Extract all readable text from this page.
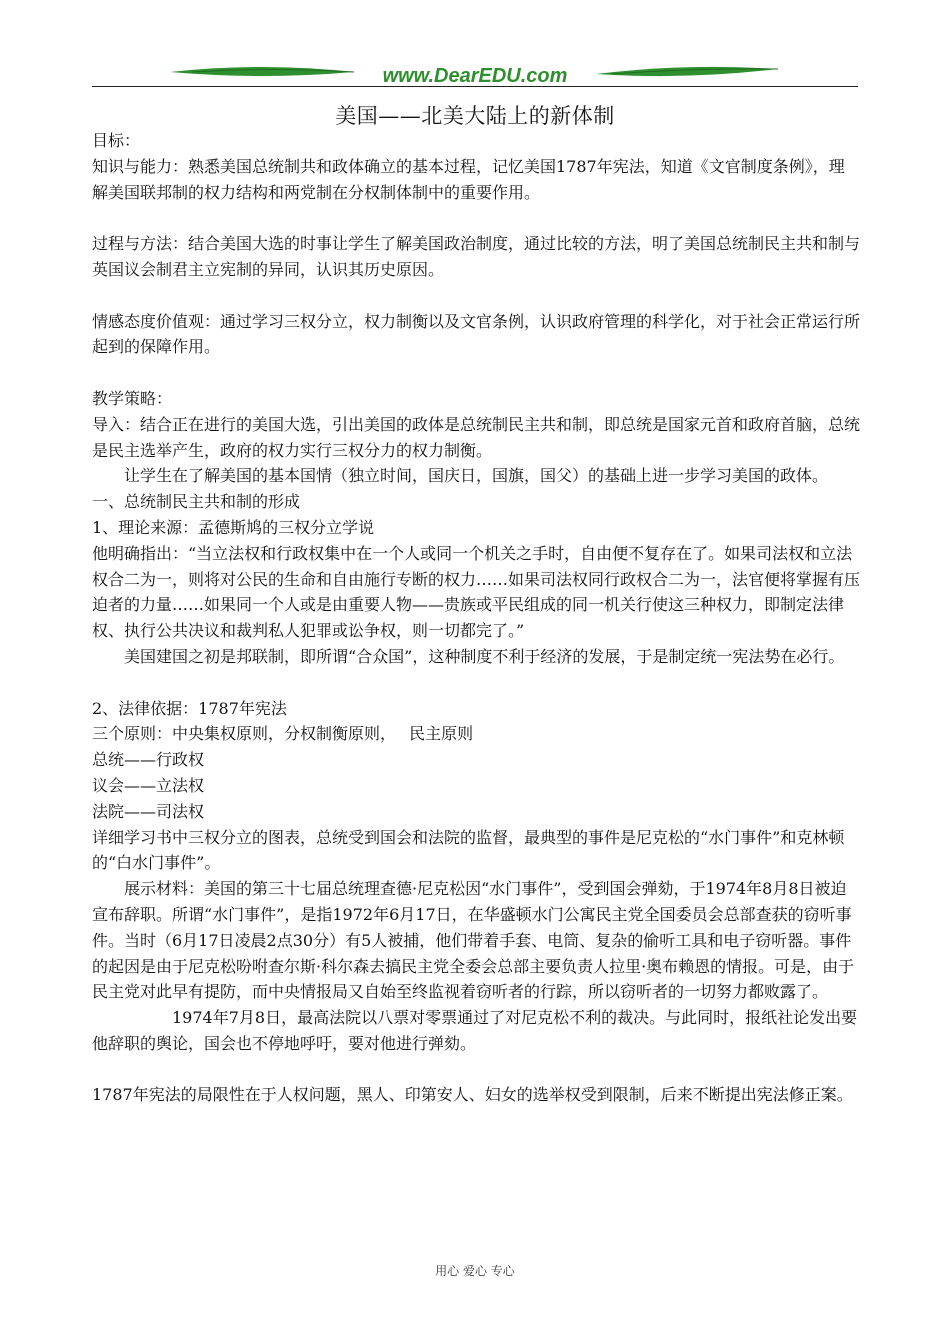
www.DearEDU.com
美国——北美大陆上的新体制

目标：

知识与能力：熟悉美国总统制共和政体确立的基本过程，记忆美国1787年宪法，知道《文官制度条例》，理解美国联邦制的权力结构和两党制在分权制体制中的重要作用。

过程与方法：结合美国大选的时事让学生了解美国政治制度，通过比较的方法，明了美国总统制民主共和制与英国议会制君主立宪制的异同，认识其历史原因。

情感态度价值观：通过学习三权分立，权力制衡以及文官条例，认识政府管理的科学化，对于社会正常运行所起到的保障作用。

教学策略：

导入：结合正在进行的美国大选，引出美国的政体是总统制民主共和制，即总统是国家元首和政府首脑，总统是民主选举产生，政府的权力实行三权分力的权力制衡。

让学生在了解美国的基本国情（独立时间，国庆日，国旗，国父）的基础上进一步学习美国的政体。

一、总统制民主共和制的形成

1、理论来源：孟德斯鸠的三权分立学说

他明确指出：“当立法权和行政权集中在一个人或同一个机关之手时，自由便不复存在了。如果司法权和立法权合二为一，则将对公民的生命和自由施行专断的权力……如果司法权同行政权合二为一，法官便将掌握有压迫者的力量……如果同一个人或是由重要人物——贵族或平民组成的同一机关行使这三种权力，即制定法律权、执行公共决议和裁判私人犯罪或讼争权，则一切都完了。”

美国建国之初是邦联制，即所谓“合众国”，这种制度不利于经济的发展，于是制定统一宪法势在必行。

2、法律依据：1787年宪法

三个原则：中央集权原则，分权制衡原则，　 民主原则

总统——行政权

议会——立法权

法院——司法权

详细学习书中三权分立的图表，总统受到国会和法院的监督，最典型的事件是尼克松的“水门事件”和克林顿的“白水门事件”。

展示材料：美国的第三十七届总统理查德·尼克松因“水门事件”，受到国会弹劾，于1974年8月8日被迫宣布辞职。所谓“水门事件”，是指1972年6月17日，在华盛顿水门公寓民主党全国委员会总部查获的窃听事件。当时（6月17日凌晨2点30分）有5人被捕，他们带着手套、电筒、复杂的偷听工具和电子窃听器。事件的起因是由于尼克松吩咐查尔斯·科尔森去搞民主党全委会总部主要负责人拉里·奥布赖恩的情报。可是，由于民主党对此早有提防，而中央情报局又自始至终监视着窃听者的行踪，所以窃听者的一切努力都败露了。

1974年7月8日，最高法院以八票对零票通过了对尼克松不利的裁决。与此同时，报纸社论发出要他辞职的舆论，国会也不停地呼吁，要对他进行弹劾。

1787年宪法的局限性在于人权问题，黑人、印第安人、妇女的选举权受到限制，后来不断提出宪法修正案。

用心 爱心 专心
